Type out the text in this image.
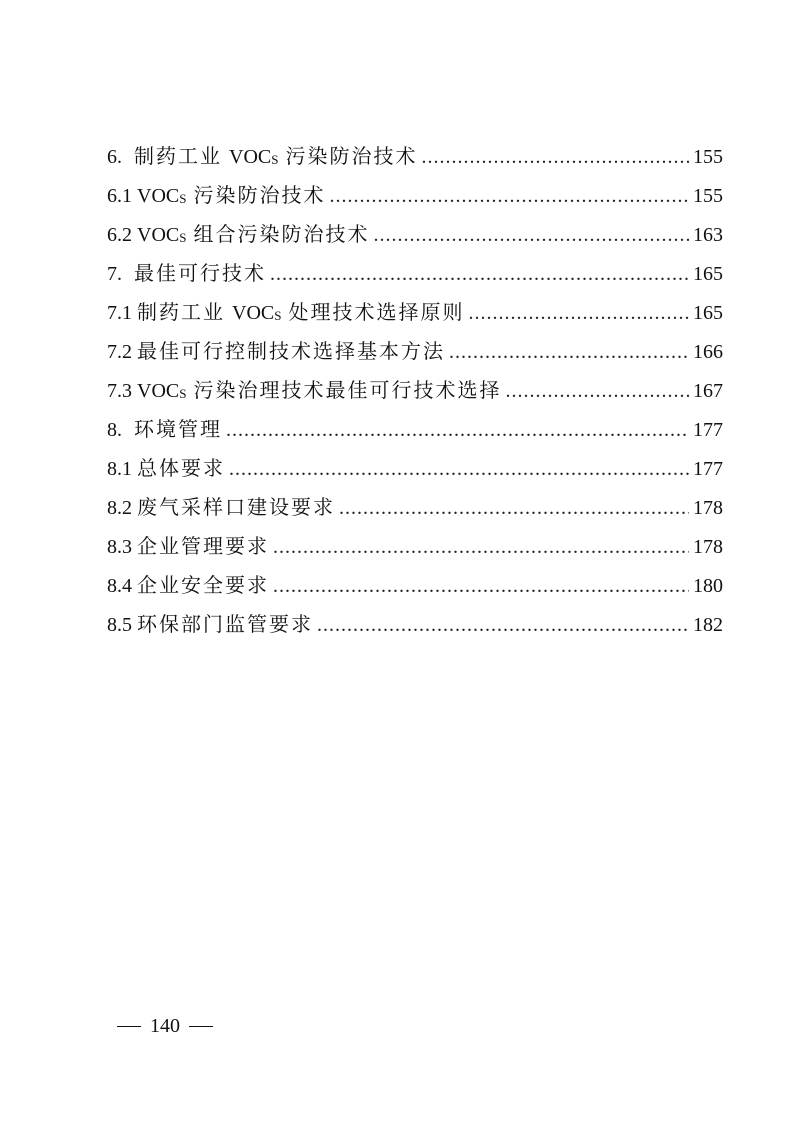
6. 制药工业 $VOC_S$ 污染防治技术 .....	155
6.1 $VOC_S$ 污染防治技术 .....	155
6.2 $VOC_S$ 组合污染防治技术 .....	163
7. 最佳可行技术 .....	165
7.1 制药工业 $VOC_S$ 处理技术选择原则 .....	165
7.2 最佳可行控制技术选择基本方法 .....	166
7.3 $VOC_S$ 污染治理技术最佳可行技术选择 .....	167
8. 环境管理 .....	177
8.1 总体要求 .....	177
8.2 废气采样口建设要求 .....	178
8.3 企业管理要求 .....	178
8.4 企业安全要求 .....	180
8.5 环保部门监管要求 .....	182
140
